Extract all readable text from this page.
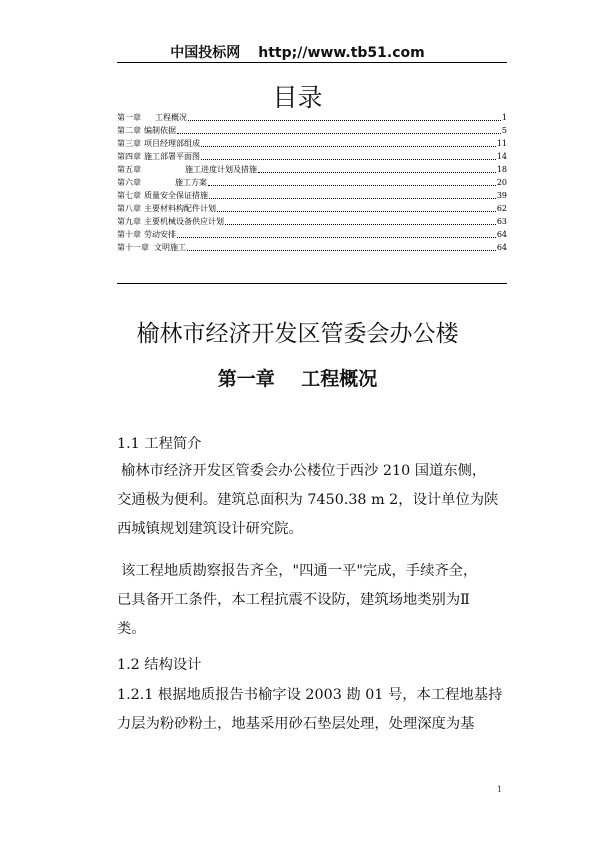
中国投标网 http;//www.tb51.com
目录
第一章 工程概况	1
第二章 编制依据	5
第三章 项目经理部组成	11
第四章 施工部署平面图	14
第五章	施工进度计划及措施	18
第六章	施工方案	20
第七章 质量安全保证措施	39
第八章 主要材料构配件计划	62
第九章 主要机械设备供应计划	63
第十章 劳动安排	64
第十一章 文明施工	64
榆林市经济开发区管委会办公楼
第一章    工程概况
1.1 工程简介
榆林市经济开发区管委会办公楼位于西沙 210 国道东侧，
交通极为便利。建筑总面积为 7450.38 m 2，设计单位为陕
西城镇规划建筑设计研究院。
该工程地质勘察报告齐全，"四通一平"完成，手续齐全，
已具备开工条件，本工程抗震不设防，建筑场地类别为Ⅱ
类。
1.2 结构设计
1.2.1 根据地质报告书榆字设 2003 勘 01 号，本工程地基持
力层为粉砂粉土，地基采用砂石垫层处理，处理深度为基
1
